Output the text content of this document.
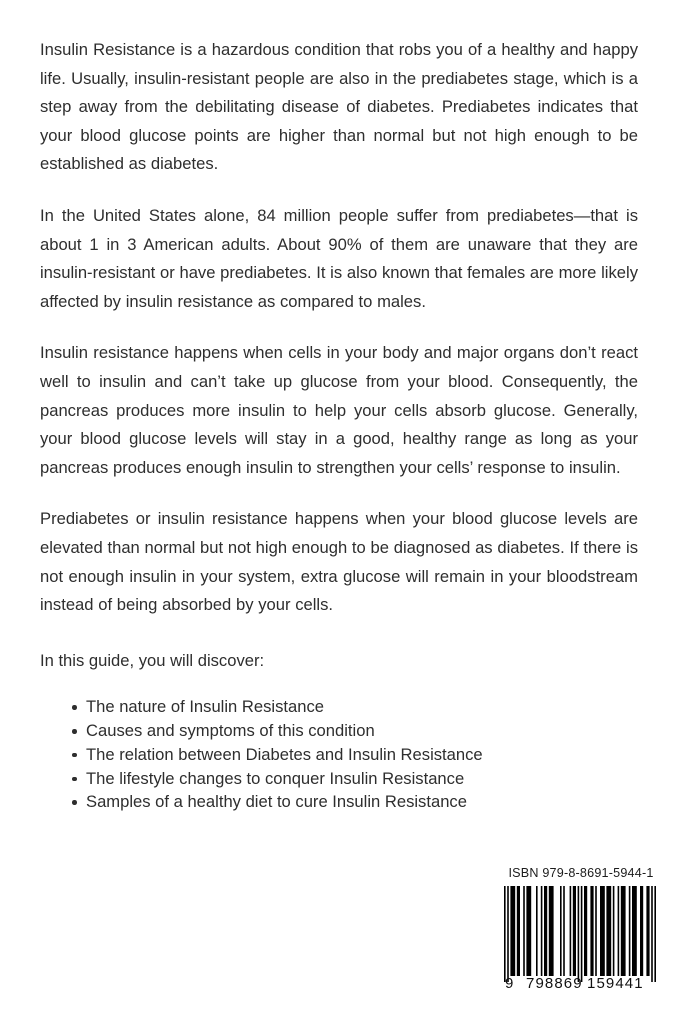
Insulin Resistance is a hazardous condition that robs you of a healthy and happy life. Usually, insulin-resistant people are also in the prediabetes stage, which is a step away from the debilitating disease of diabetes. Prediabetes indicates that your blood glucose points are higher than normal but not high enough to be established as diabetes.

In the United States alone, 84 million people suffer from prediabetes—that is about 1 in 3 American adults. About 90% of them are unaware that they are insulin-resistant or have prediabetes. It is also known that females are more likely affected by insulin resistance as compared to males.

Insulin resistance happens when cells in your body and major organs don’t react well to insulin and can’t take up glucose from your blood. Consequently, the pancreas produces more insulin to help your cells absorb glucose. Generally, your blood glucose levels will stay in a good, healthy range as long as your pancreas produces enough insulin to strengthen your cells’ response to insulin.

Prediabetes or insulin resistance happens when your blood glucose levels are elevated than normal but not high enough to be diagnosed as diabetes. If there is not enough insulin in your system, extra glucose will remain in your bloodstream instead of being absorbed by your cells.

In this guide, you will discover:

The nature of Insulin Resistance
Causes and symptoms of this condition
The relation between Diabetes and Insulin Resistance
The lifestyle changes to conquer Insulin Resistance
Samples of a healthy diet to cure Insulin Resistance
ISBN 979-8-8691-5944-1
9 798869 159441
